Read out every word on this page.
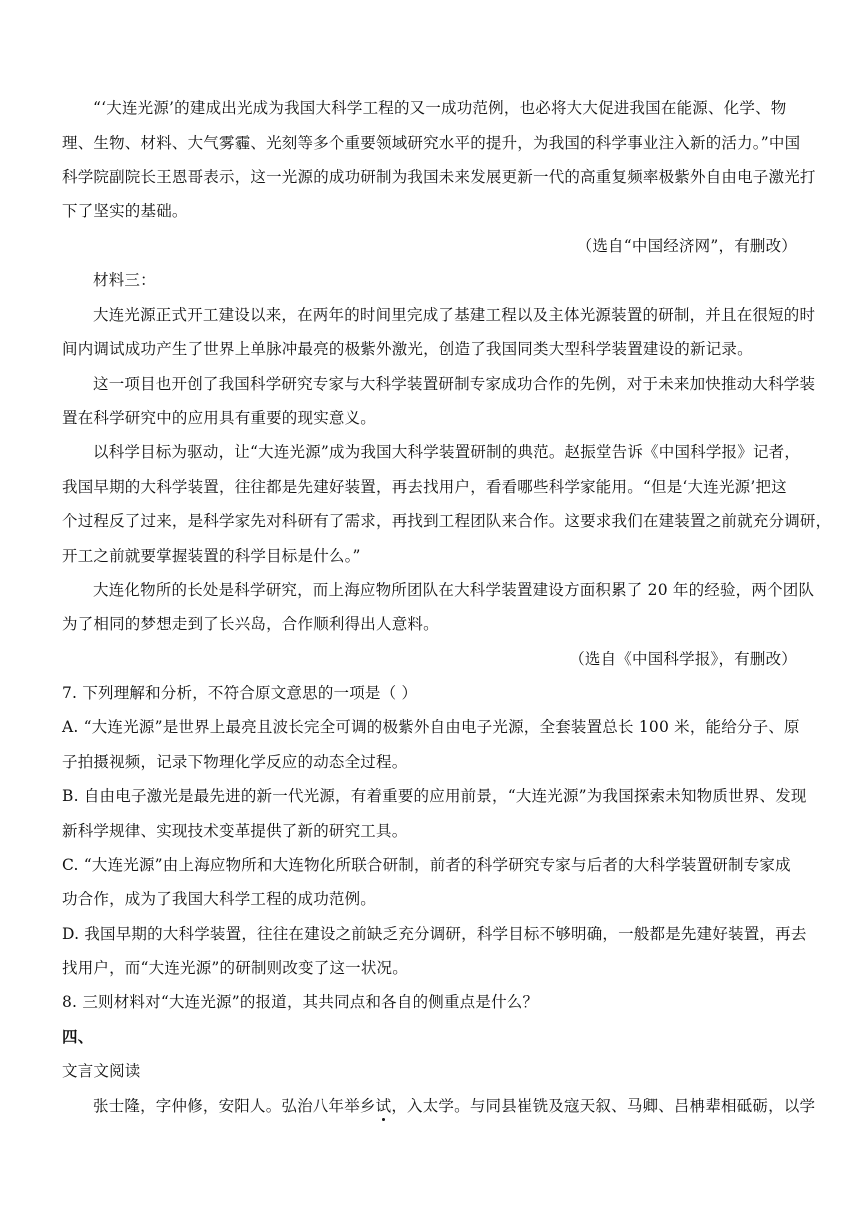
“‘大连光源’的建成出光成为我国大科学工程的又一成功范例，也必将大大促进我国在能源、化学、物
理、生物、材料、大气雾霾、光刻等多个重要领域研究水平的提升，为我国的科学事业注入新的活力。”中国
科学院副院长王恩哥表示，这一光源的成功研制为我国未来发展更新一代的高重复频率极紫外自由电子激光打
下了坚实的基础。
（选自“中国经济网”，有删改）
材料三：
大连光源正式开工建设以来，在两年的时间里完成了基建工程以及主体光源装置的研制，并且在很短的时
间内调试成功产生了世界上单脉冲最亮的极紫外激光，创造了我国同类大型科学装置建设的新记录。
这一项目也开创了我国科学研究专家与大科学装置研制专家成功合作的先例，对于未来加快推动大科学装
置在科学研究中的应用具有重要的现实意义。
以科学目标为驱动，让“大连光源”成为我国大科学装置研制的典范。赵振堂告诉《中国科学报》记者，
我国早期的大科学装置，往往都是先建好装置，再去找用户，看看哪些科学家能用。“但是‘大连光源’把这
个过程反了过来，是科学家先对科研有了需求，再找到工程团队来合作。这要求我们在建装置之前就充分调研，
开工之前就要掌握装置的科学目标是什么。”
大连化物所的长处是科学研究，而上海应物所团队在大科学装置建设方面积累了 20 年的经验，两个团队
为了相同的梦想走到了长兴岛，合作顺利得出人意料。
（选自《中国科学报》，有删改）
7. 下列理解和分析，不符合原文意思的一项是（ ）
A. “大连光源”是世界上最亮且波长完全可调的极紫外自由电子光源，全套装置总长 100 米，能给分子、原
子拍摄视频，记录下物理化学反应的动态全过程。
B. 自由电子激光是最先进的新一代光源，有着重要的应用前景，“大连光源”为我国探索未知物质世界、发现
新科学规律、实现技术变革提供了新的研究工具。
C. “大连光源”由上海应物所和大连物化所联合研制，前者的科学研究专家与后者的大科学装置研制专家成
功合作，成为了我国大科学工程的成功范例。
D. 我国早期的大科学装置，往往在建设之前缺乏充分调研，科学目标不够明确，一般都是先建好装置，再去
找用户，而“大连光源”的研制则改变了这一状况。
8. 三则材料对“大连光源”的报道，其共同点和各自的侧重点是什么？
四、
文言文阅读
张士隆，字仲修，安阳人。弘治八年举乡试，入太学。与同县崔铣及寇天叙、马卿、吕柟辈相砥砺，以学
